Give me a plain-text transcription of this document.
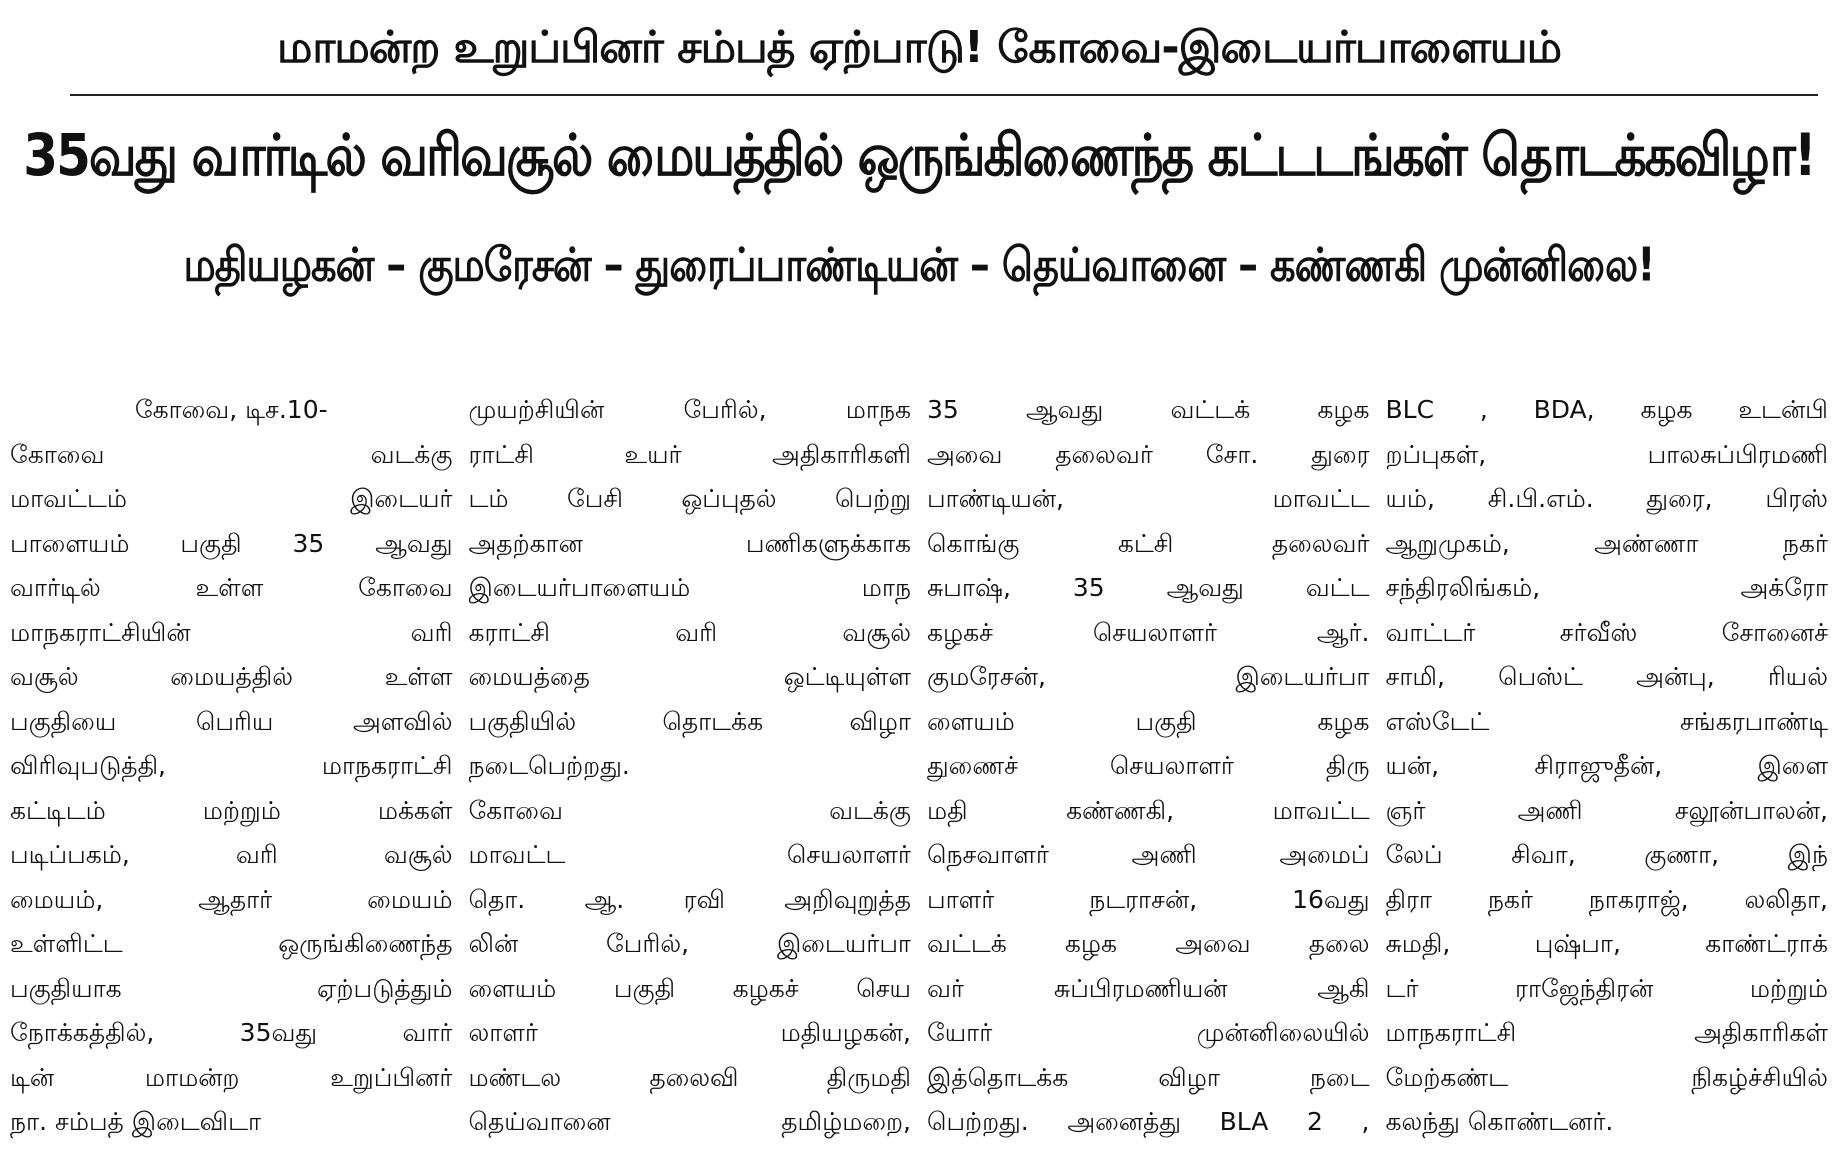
மாமன்ற உறுப்பினர் சம்பத் ஏற்பாடு! கோவை-இடையர்பாளையம்
35வது வார்டில் வரிவசூல் மையத்தில் ஒருங்கிணைந்த கட்டடங்கள் தொடக்கவிழா!
மதியழகன் – குமரேசன் – துரைப்பாண்டியன் – தெய்வானை – கண்ணகி முன்னிலை!
கோவை, டிச.10-
கோவை வடக்கு
மாவட்டம் இடையர்
பாளையம் பகுதி 35 ஆவது
வார்டில் உள்ள கோவை
மாநகராட்சியின் வரி
வசூல் மையத்தில் உள்ள
பகுதியை பெரிய அளவில்
விரிவுபடுத்தி, மாநகராட்சி
கட்டிடம் மற்றும் மக்கள்
படிப்பகம், வரி வசூல்
மையம், ஆதார் மையம்
உள்ளிட்ட ஒருங்கிணைந்த
பகுதியாக ஏற்படுத்தும்
நோக்கத்தில், 35வது வார்
டின் மாமன்ற உறுப்பினர்
நா. சம்பத் இடைவிடா
முயற்சியின் பேரில், மாநக
ராட்சி உயர் அதிகாரிகளி
டம் பேசி ஒப்புதல் பெற்று
அதற்கான பணிகளுக்காக
இடையர்பாளையம் மாந
கராட்சி வரி வசூல்
மையத்தை ஒட்டியுள்ள
பகுதியில் தொடக்க விழா
நடைபெற்றது.
கோவை வடக்கு
மாவட்ட செயலாளர்
தொ. ஆ. ரவி அறிவுறுத்த
லின் பேரில், இடையர்பா
ளையம் பகுதி கழகச் செய
லாளர் மதியழகன்,
மண்டல தலைவி திருமதி
தெய்வானை தமிழ்மறை,
35 ஆவது வட்டக் கழக
அவை தலைவர் சோ. துரை
பாண்டியன், மாவட்ட
கொங்கு கட்சி தலைவர்
சுபாஷ், 35 ஆவது வட்ட
கழகச் செயலாளர் ஆர்.
குமரேசன், இடையர்பா
ளையம் பகுதி கழக
துணைச் செயலாளர் திரு
மதி கண்ணகி, மாவட்ட
நெசவாளர் அணி அமைப்
பாளர் நடராசன், 16வது
வட்டக் கழக அவை தலை
வர் சுப்பிரமணியன் ஆகி
யோர் முன்னிலையில்
இத்தொடக்க விழா நடை
பெற்றது. அனைத்து BLA 2 ,
BLC , BDA, கழக உடன்பி
றப்புகள், பாலசுப்பிரமணி
யம், சி.பி.எம். துரை, பிரஸ்
ஆறுமுகம், அண்ணா நகர்
சந்திரலிங்கம், அக்ரோ
வாட்டர் சர்வீஸ் சோனைச்
சாமி, பெஸ்ட் அன்பு, ரியல்
எஸ்டேட் சங்கரபாண்டி
யன், சிராஜுதீன், இளை
ஞர் அணி சலூன்பாலன்,
லேப் சிவா, குணா, இந்
திரா நகர் நாகராஜ், லலிதா,
சுமதி, புஷ்பா, காண்ட்ராக்
டர் ராஜேந்திரன் மற்றும்
மாநகராட்சி அதிகாரிகள்
மேற்கண்ட நிகழ்ச்சியில்
கலந்து கொண்டனர்.
